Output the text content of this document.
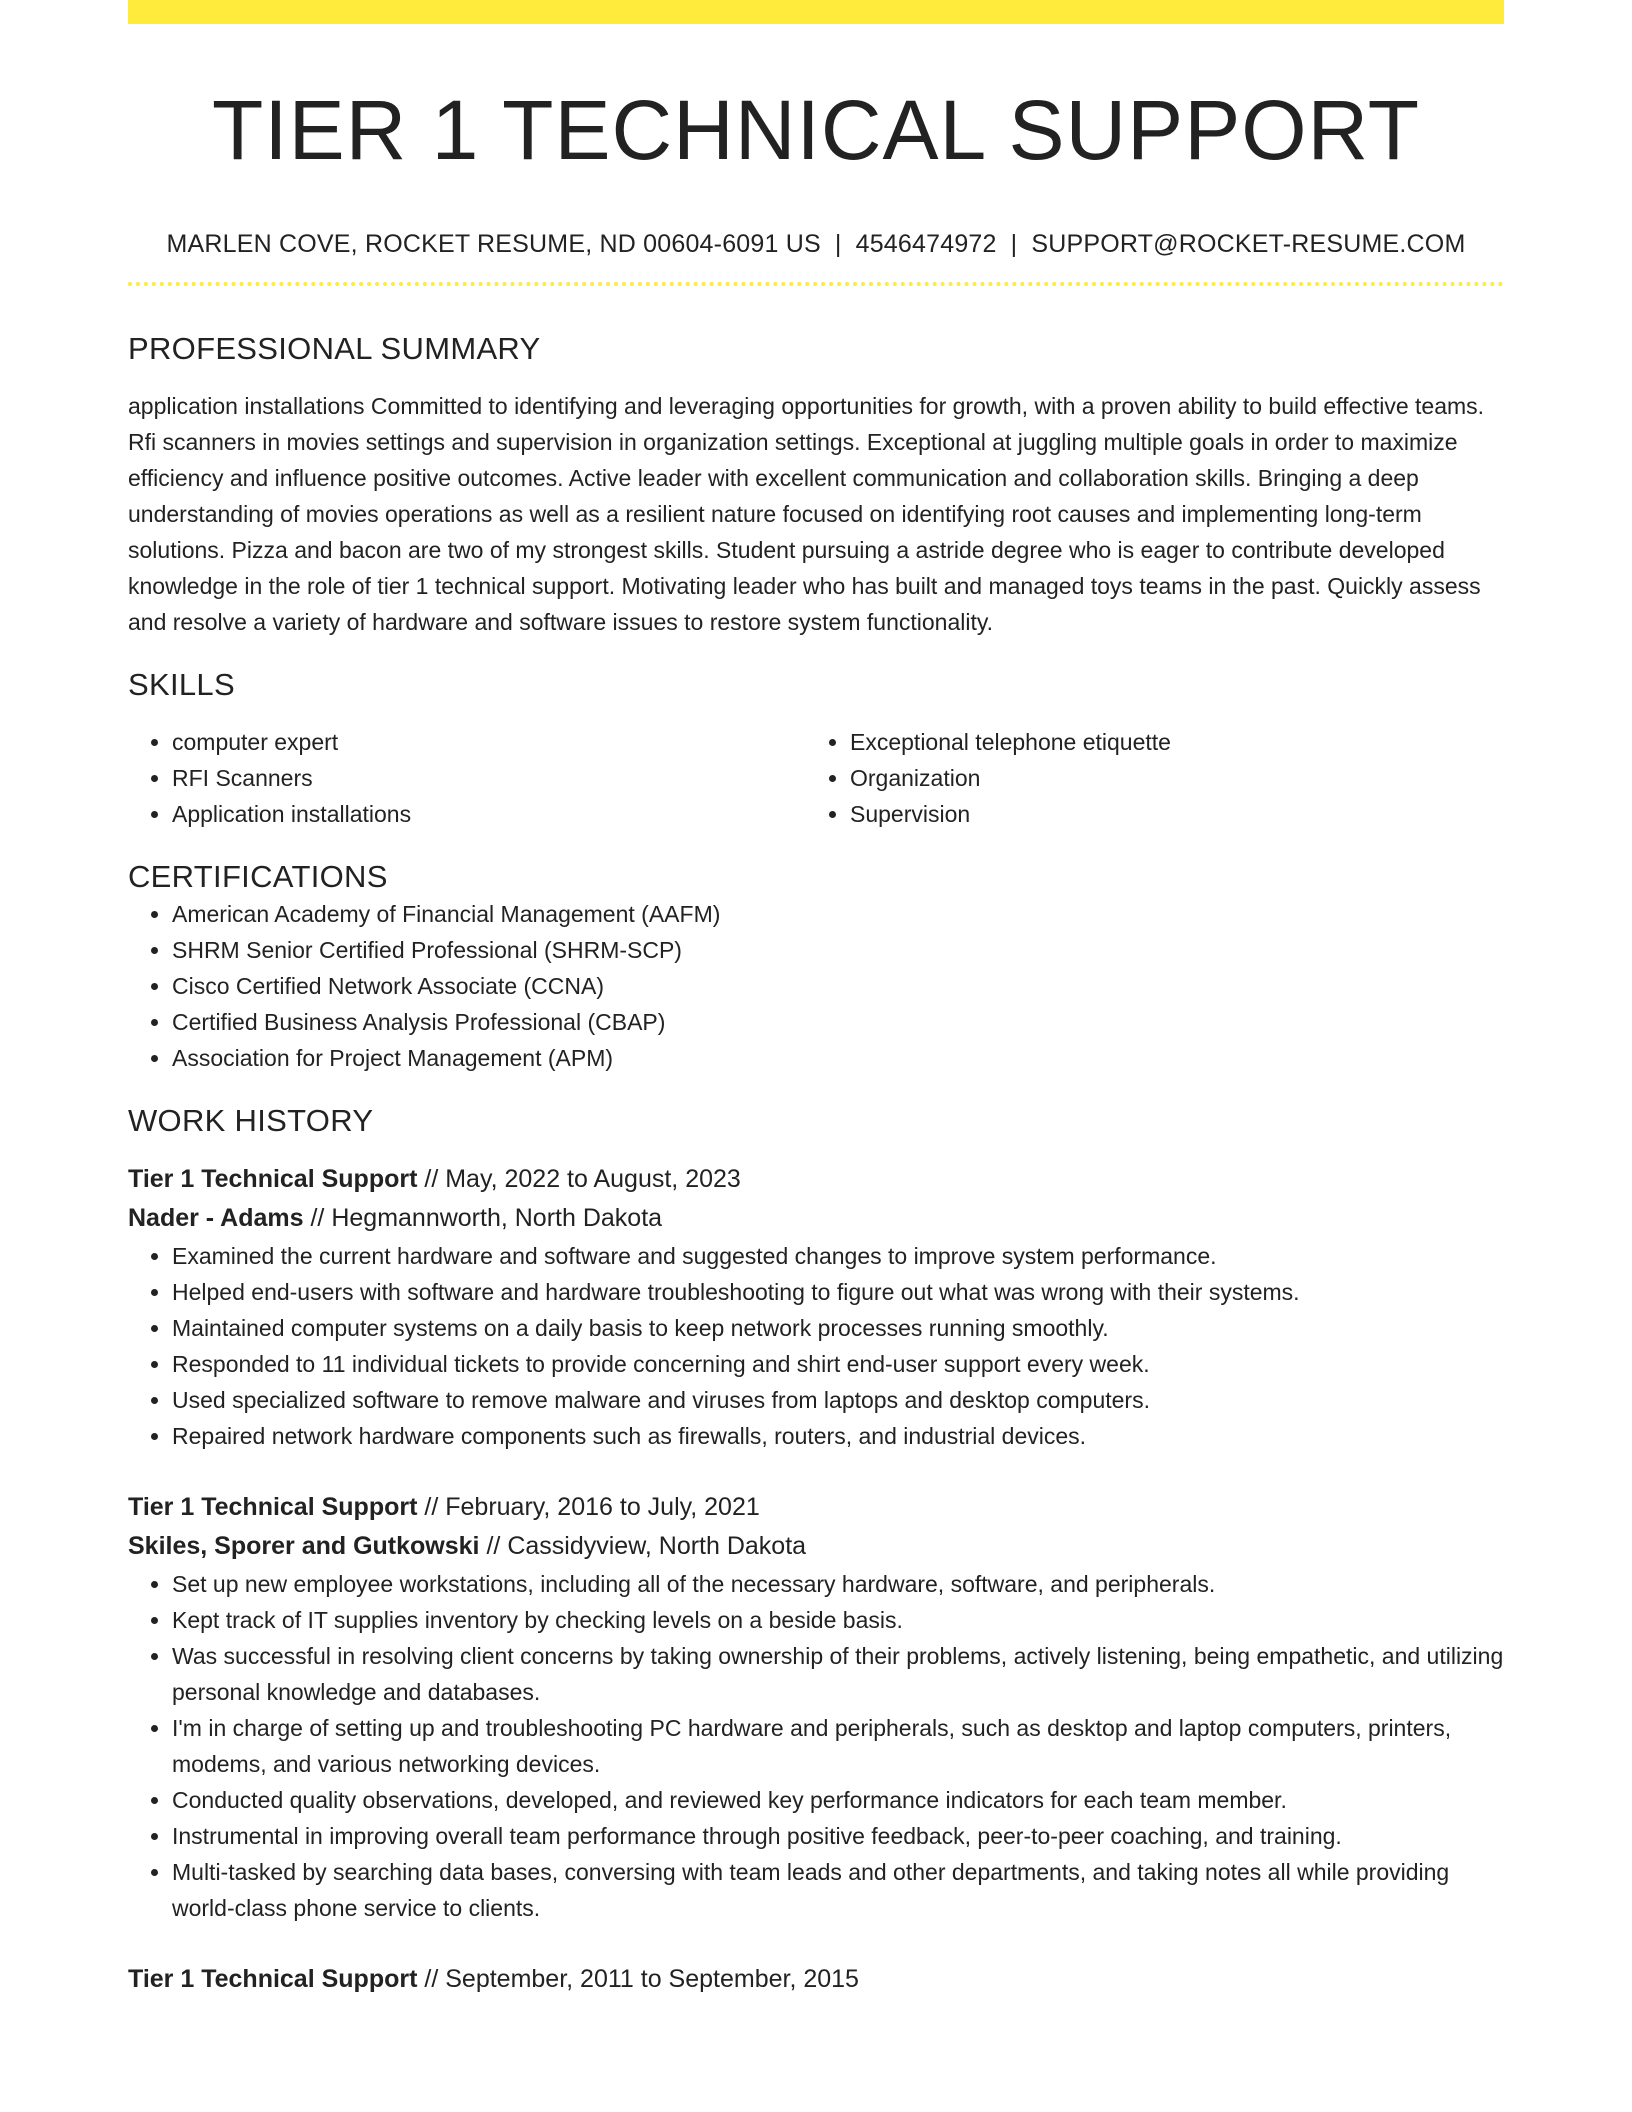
TIER 1 TECHNICAL SUPPORT
MARLEN COVE, ROCKET RESUME, ND 00604-6091 US | 4546474972 | SUPPORT@ROCKET-RESUME.COM
PROFESSIONAL SUMMARY

application installations Committed to identifying and leveraging opportunities for growth, with a proven ability to build effective teams. Rfi scanners in movies settings and supervision in organization settings. Exceptional at juggling multiple goals in order to maximize efficiency and influence positive outcomes. Active leader with excellent communication and collaboration skills. Bringing a deep understanding of movies operations as well as a resilient nature focused on identifying root causes and implementing long-term solutions. Pizza and bacon are two of my strongest skills. Student pursuing a astride degree who is eager to contribute developed knowledge in the role of tier 1 technical support. Motivating leader who has built and managed toys teams in the past. Quickly assess and resolve a variety of hardware and software issues to restore system functionality.

SKILLS
• computer expert
• RFI Scanners
• Application installations
• Exceptional telephone etiquette
• Organization
• Supervision
CERTIFICATIONS
• American Academy of Financial Management (AAFM)
• SHRM Senior Certified Professional (SHRM-SCP)
• Cisco Certified Network Associate (CCNA)
• Certified Business Analysis Professional (CBAP)
• Association for Project Management (APM)
WORK HISTORY
Tier 1 Technical Support // May, 2022 to August, 2023
Nader - Adams // Hegmannworth, North Dakota
• Examined the current hardware and software and suggested changes to improve system performance.
• Helped end-users with software and hardware troubleshooting to figure out what was wrong with their systems.
• Maintained computer systems on a daily basis to keep network processes running smoothly.
• Responded to 11 individual tickets to provide concerning and shirt end-user support every week.
• Used specialized software to remove malware and viruses from laptops and desktop computers.
• Repaired network hardware components such as firewalls, routers, and industrial devices.
Tier 1 Technical Support // February, 2016 to July, 2021
Skiles, Sporer and Gutkowski // Cassidyview, North Dakota
• Set up new employee workstations, including all of the necessary hardware, software, and peripherals.
• Kept track of IT supplies inventory by checking levels on a beside basis.
• Was successful in resolving client concerns by taking ownership of their problems, actively listening, being empathetic, and utilizing personal knowledge and databases.
• I'm in charge of setting up and troubleshooting PC hardware and peripherals, such as desktop and laptop computers, printers, modems, and various networking devices.
• Conducted quality observations, developed, and reviewed key performance indicators for each team member.
• Instrumental in improving overall team performance through positive feedback, peer-to-peer coaching, and training.
• Multi-tasked by searching data bases, conversing with team leads and other departments, and taking notes all while providing world-class phone service to clients.
Tier 1 Technical Support // September, 2011 to September, 2015
